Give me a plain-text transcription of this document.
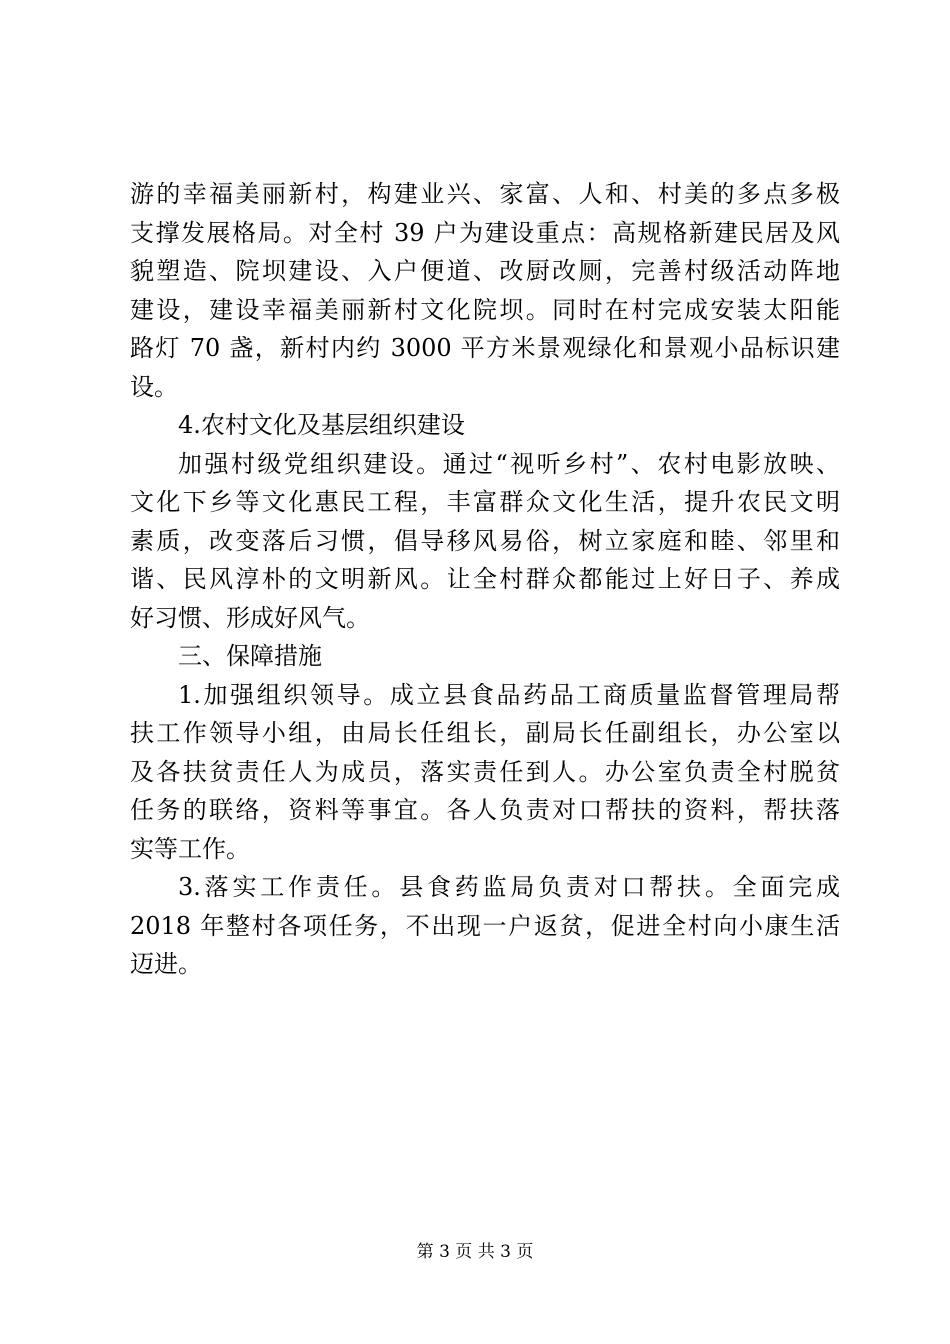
游的幸福美丽新村，构建业兴、家富、人和、村美的多点多极
支撑发展格局。对全村 39 户为建设重点：高规格新建民居及风
貌塑造、院坝建设、入户便道、改厨改厕，完善村级活动阵地
建设，建设幸福美丽新村文化院坝。同时在村完成安装太阳能
路灯 70 盏，新村内约 3000 平方米景观绿化和景观小品标识建
设。
4.农村文化及基层组织建设
加强村级党组织建设。通过“视听乡村”、农村电影放映、
文化下乡等文化惠民工程，丰富群众文化生活，提升农民文明
素质，改变落后习惯，倡导移风易俗，树立家庭和睦、邻里和
谐、民风淳朴的文明新风。让全村群众都能过上好日子、养成
好习惯、形成好风气。
三、保障措施
1.加强组织领导。成立县食品药品工商质量监督管理局帮
扶工作领导小组，由局长任组长，副局长任副组长，办公室以
及各扶贫责任人为成员，落实责任到人。办公室负责全村脱贫
任务的联络，资料等事宜。各人负责对口帮扶的资料，帮扶落
实等工作。
3.落实工作责任。县食药监局负责对口帮扶。全面完成
2018 年整村各项任务，不出现一户返贫，促进全村向小康生活
迈进。
第 3 页 共 3 页
